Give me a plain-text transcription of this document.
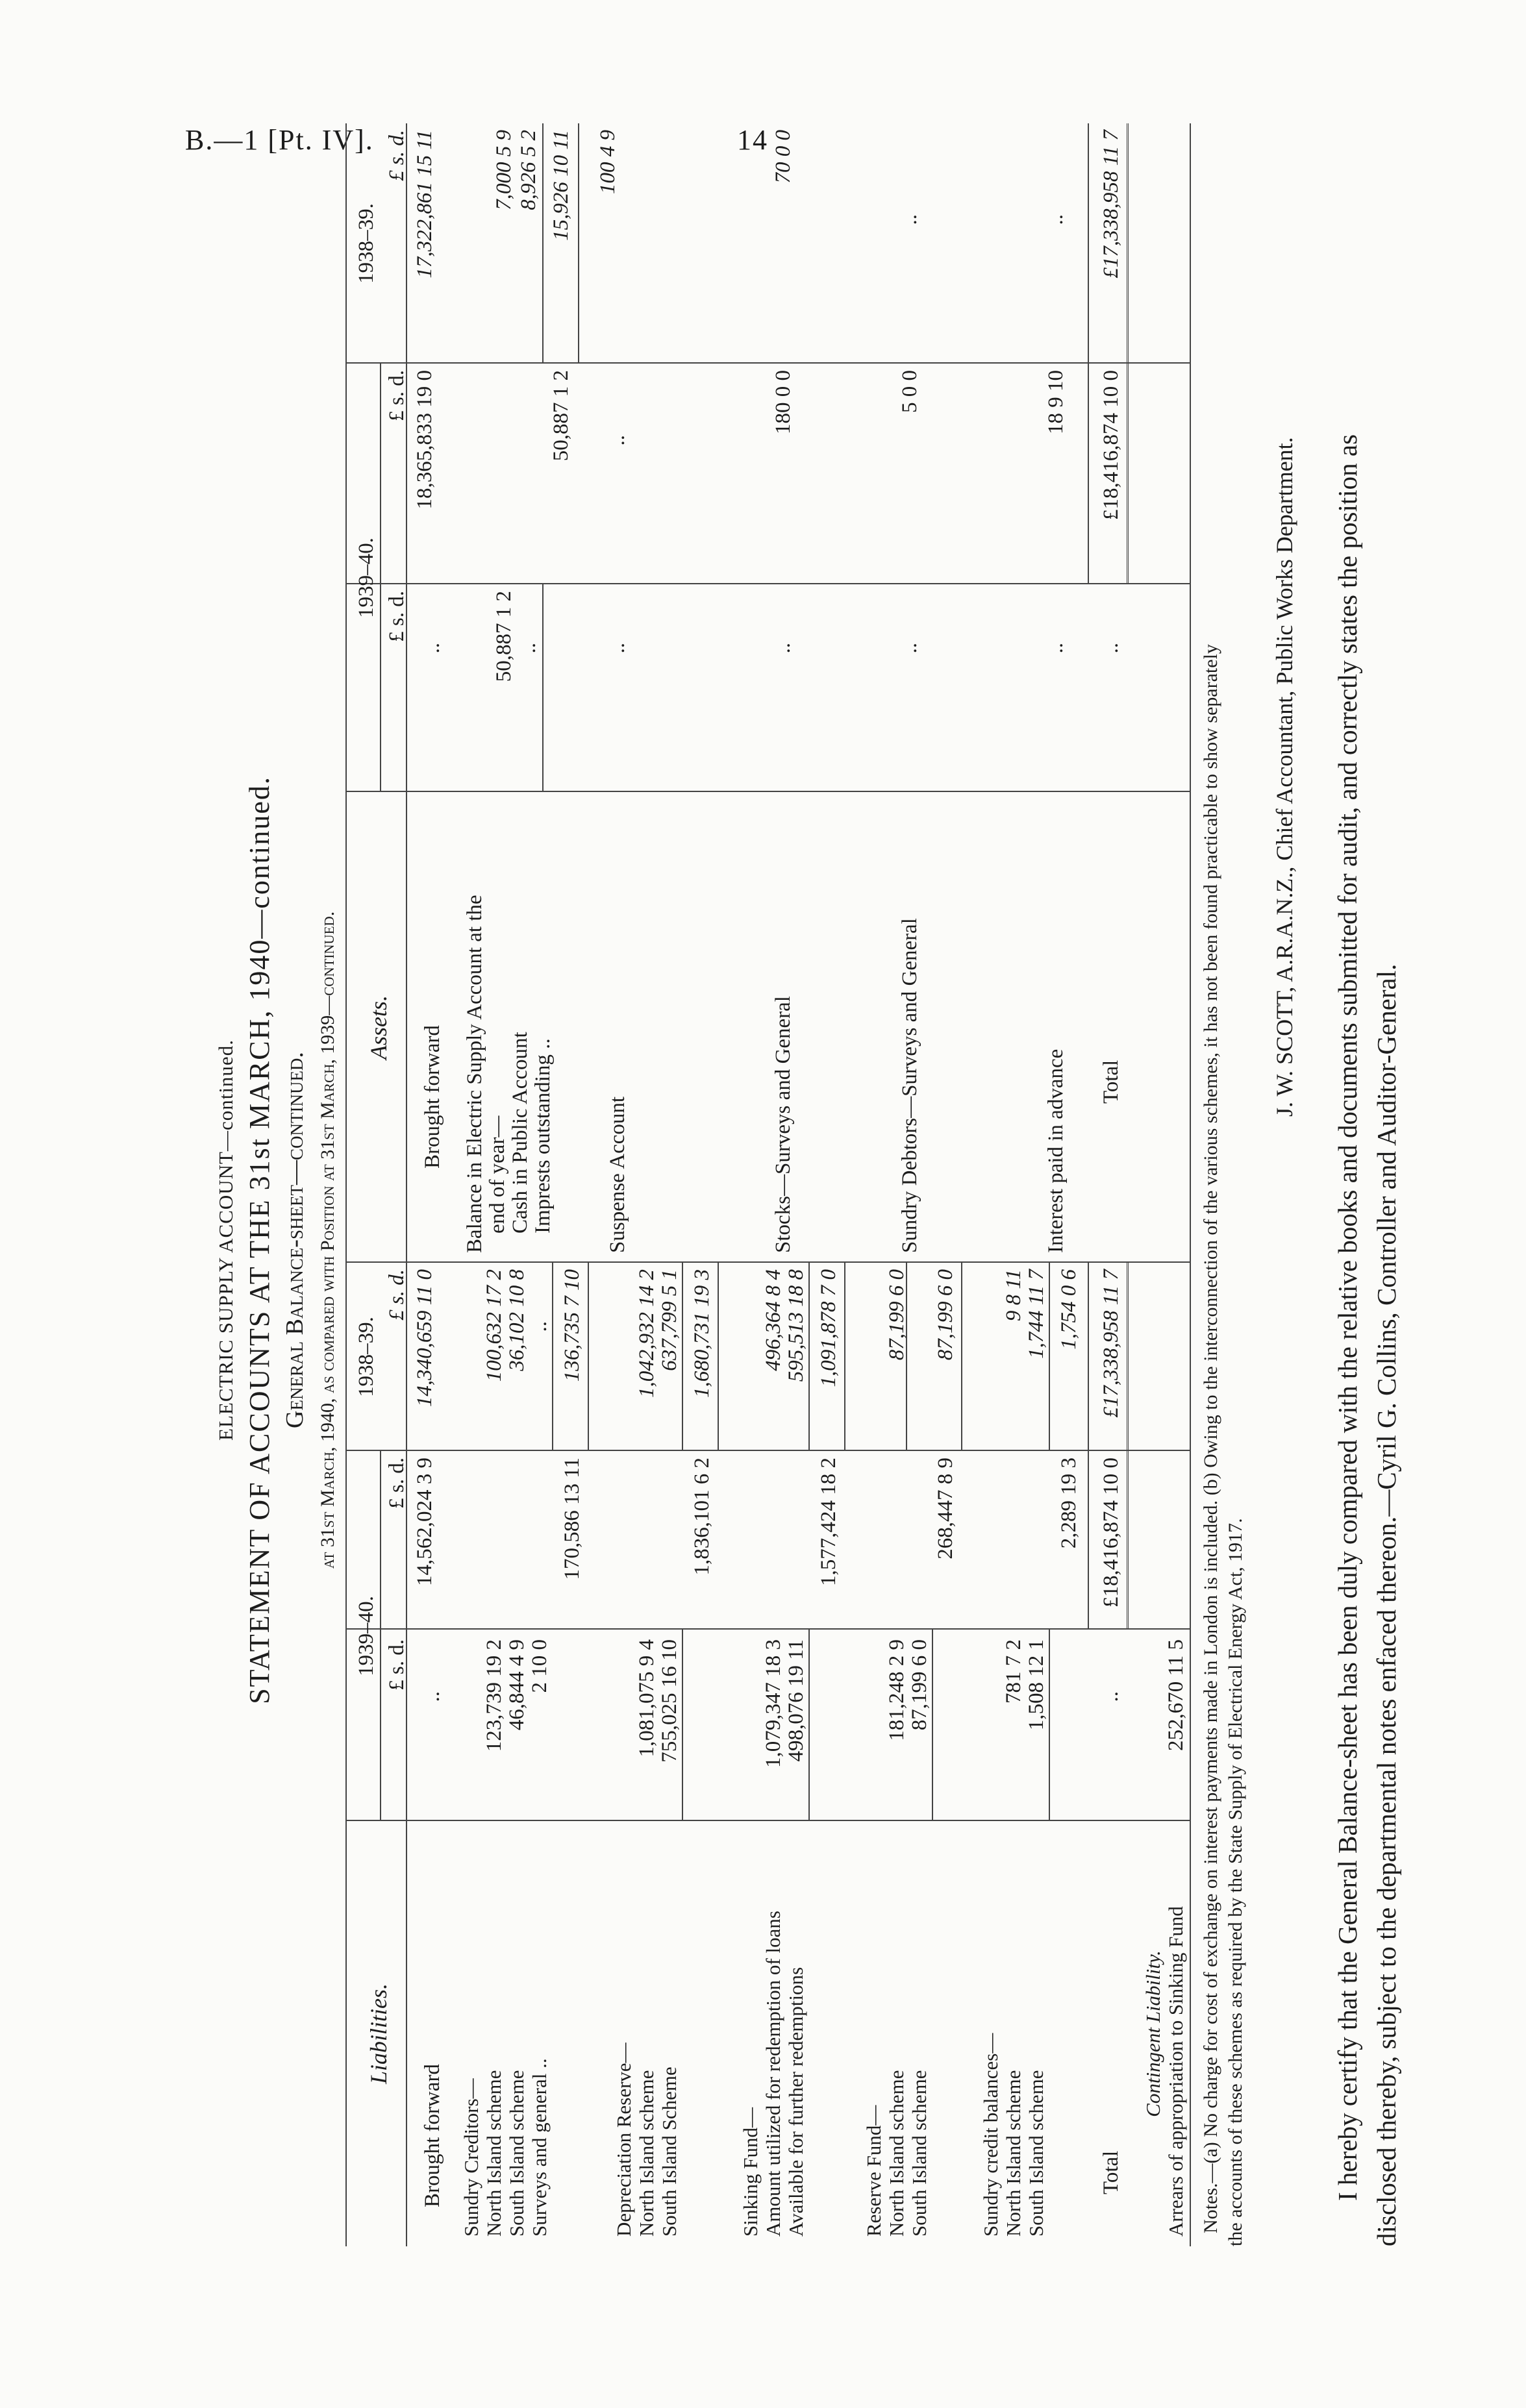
B.—1 [Pt. IV].	14
ELECTRIC SUPPLY ACCOUNT—continued. STATEMENT OF ACCOUNTS AT THE 31st MARCH, 1940—continued. General Balance-sheet—continued. at 31st March, 1940, as compared with Position at 31st March, 1939—continued.
Liabilities.
1939–40.
1938–39.
Assets.
1939–40.
1938–39.
£ s. d.
£ s. d.
£ s. d.
£ s. d.
£ s. d.
£ s. d.
Brought forward
..
14,562,024 3 9
14,340,659 11 0
Sundry Creditors— North Island scheme
123,739 19 2
100,632 17 2
South Island scheme
46,844 4 9
36,102 10 8
Surveys and general ..
2 10 0
..
170,586 13 11
136,735 7 10
Depreciation Reserve— North Island scheme
1,081,075 9 4
1,042,932 14 2
South Island Scheme
755,025 16 10
637,799 5 1
1,836,101 6 2
1,680,731 19 3
Sinking Fund— Amount utilized for redemption of loans
1,079,347 18 3
496,364 8 4
Available for further redemptions
498,076 19 11
595,513 18 8
1,577,424 18 2
1,091,878 7 0
Reserve Fund— North Island scheme
181,248 2 9
87,199 6 0
South Island scheme
87,199 6 0
268,447 8 9
87,199 6 0
Sundry credit balances— North Island scheme
781 7 2
9 8 11
South Island scheme
1,508 12 1
1,744 11 7
2,289 19 3
1,754 0 6
Total
..
£18,416,874 10 0
£17,338,958 11 7
Contingent Liability. Arrears of appropriation to Sinking Fund
252,670 11 5
Brought forward
..
18,365,833 19 0
17,322,861 15 11
Balance in Electric Supply Account at the end of year— Cash in Public Account
50,887 1 2
7,000 5 9
Imprests outstanding ..
..
8,926 5 2
50,887 1 2
15,926 10 11
Suspense Account
..
..
100 4 9
Stocks—Surveys and General
..
180 0 0
70 0 0
Sundry Debtors—Surveys and General
..
5 0 0
..
Interest paid in advance
..
18 9 10
..
Total
..
£18,416,874 10 0
£17,338,958 11 7
Notes.—(a) No charge for cost of exchange on interest payments made in London is included. (b) Owing to the interconnection of the various schemes, it has not been found practicable to show separately the accounts of these schemes as required by the State Supply of Electrical Energy Act, 1917.
J. W. SCOTT, A.R.A.N.Z., Chief Accountant, Public Works Department. I hereby certify that the General Balance-sheet has been duly compared with the relative books and documents submitted for audit, and correctly states the position as disclosed thereby, subject to the departmental notes enfaced thereon.—Cyril G. Collins, Controller and Auditor-General.
